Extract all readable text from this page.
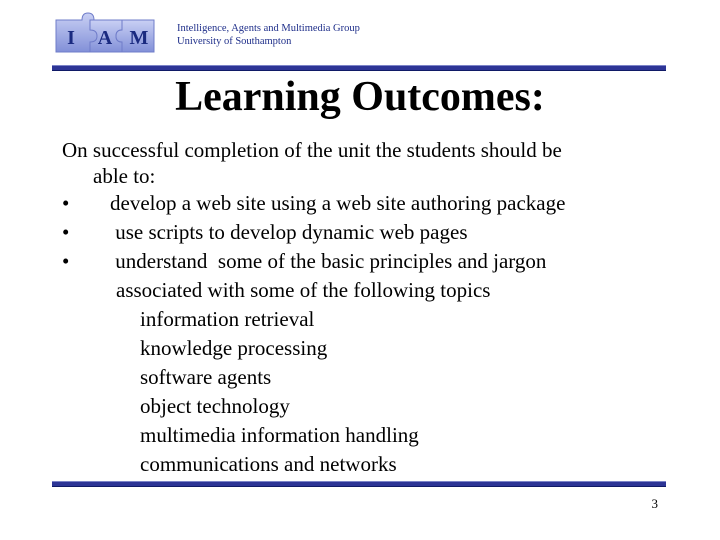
I A M	Intelligence, Agents and Multimedia Group
University of Southampton
Learning Outcomes:
On successful completion of the unit the students should be
able to:
•	develop a web site using a web site authoring package
•	use scripts to develop dynamic web pages
•	understand  some of the basic principles and jargon
associated with some of the following topics
information retrieval
knowledge processing
software agents
object technology
multimedia information handling
communications and networks
3
